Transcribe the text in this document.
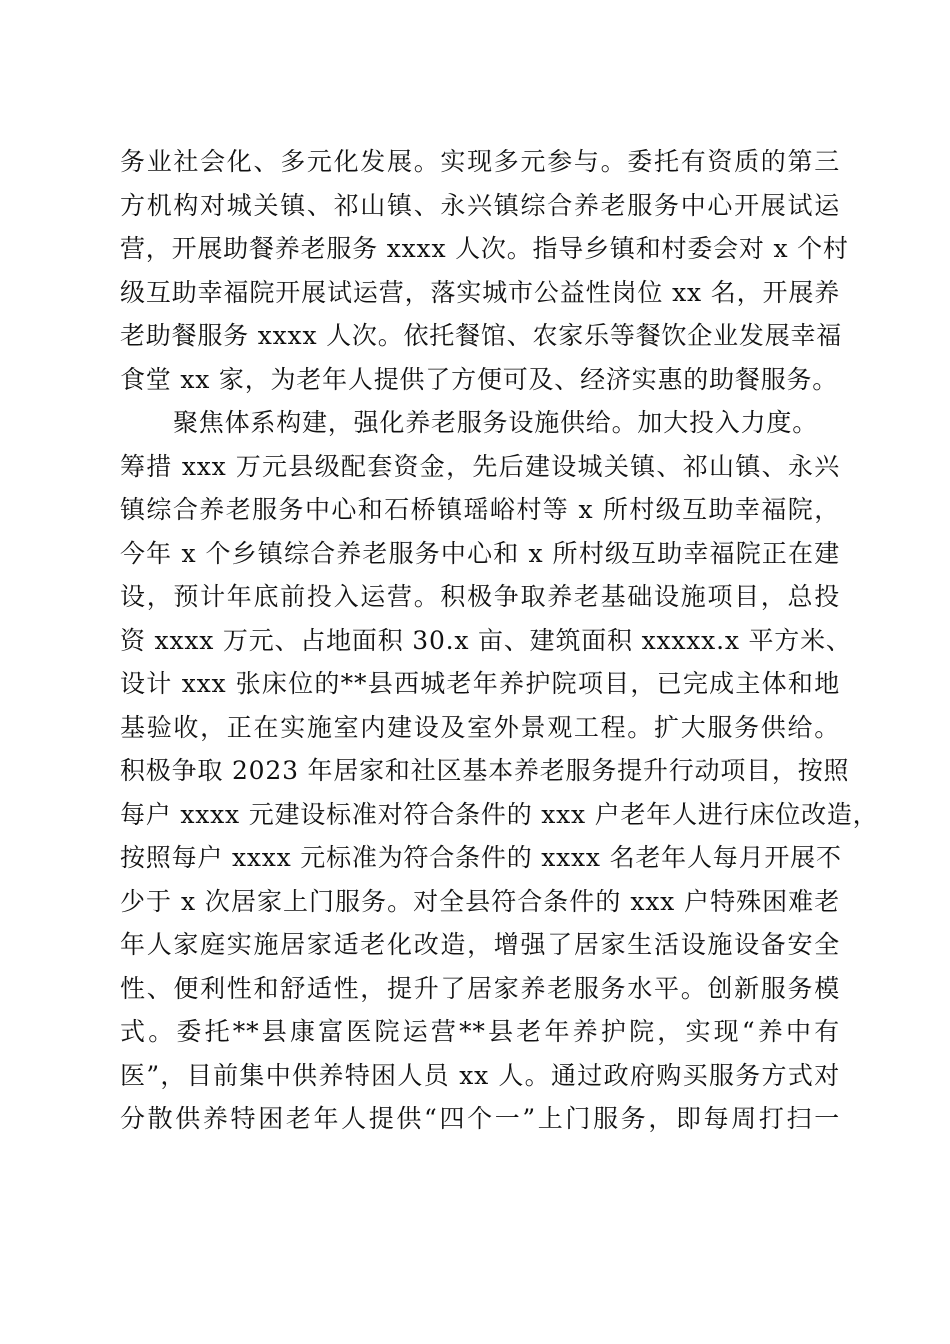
务业社会化、多元化发展。实现多元参与。委托有资质的第三
方机构对城关镇、祁山镇、永兴镇综合养老服务中心开展试运
营，开展助餐养老服务 xxxx 人次。指导乡镇和村委会对 x 个村
级互助幸福院开展试运营，落实城市公益性岗位 xx 名，开展养
老助餐服务 xxxx 人次。依托餐馆、农家乐等餐饮企业发展幸福
食堂 xx 家，为老年人提供了方便可及、经济实惠的助餐服务。
聚焦体系构建，强化养老服务设施供给。加大投入力度。
筹措 xxx 万元县级配套资金，先后建设城关镇、祁山镇、永兴
镇综合养老服务中心和石桥镇瑶峪村等 x 所村级互助幸福院，
今年 x 个乡镇综合养老服务中心和 x 所村级互助幸福院正在建
设，预计年底前投入运营。积极争取养老基础设施项目，总投
资 xxxx 万元、占地面积 30.x 亩、建筑面积 xxxxx.x 平方米、
设计 xxx 张床位的**县西城老年养护院项目，已完成主体和地
基验收，正在实施室内建设及室外景观工程。扩大服务供给。
积极争取 2023 年居家和社区基本养老服务提升行动项目，按照
每户 xxxx 元建设标准对符合条件的 xxx 户老年人进行床位改造，
按照每户 xxxx 元标准为符合条件的 xxxx 名老年人每月开展不
少于 x 次居家上门服务。对全县符合条件的 xxx 户特殊困难老
年人家庭实施居家适老化改造，增强了居家生活设施设备安全
性、便利性和舒适性，提升了居家养老服务水平。创新服务模
式。委托**县康富医院运营**县老年养护院，实现“养中有
医”，目前集中供养特困人员 xx 人。通过政府购买服务方式对
分散供养特困老年人提供“四个一”上门服务，即每周打扫一
